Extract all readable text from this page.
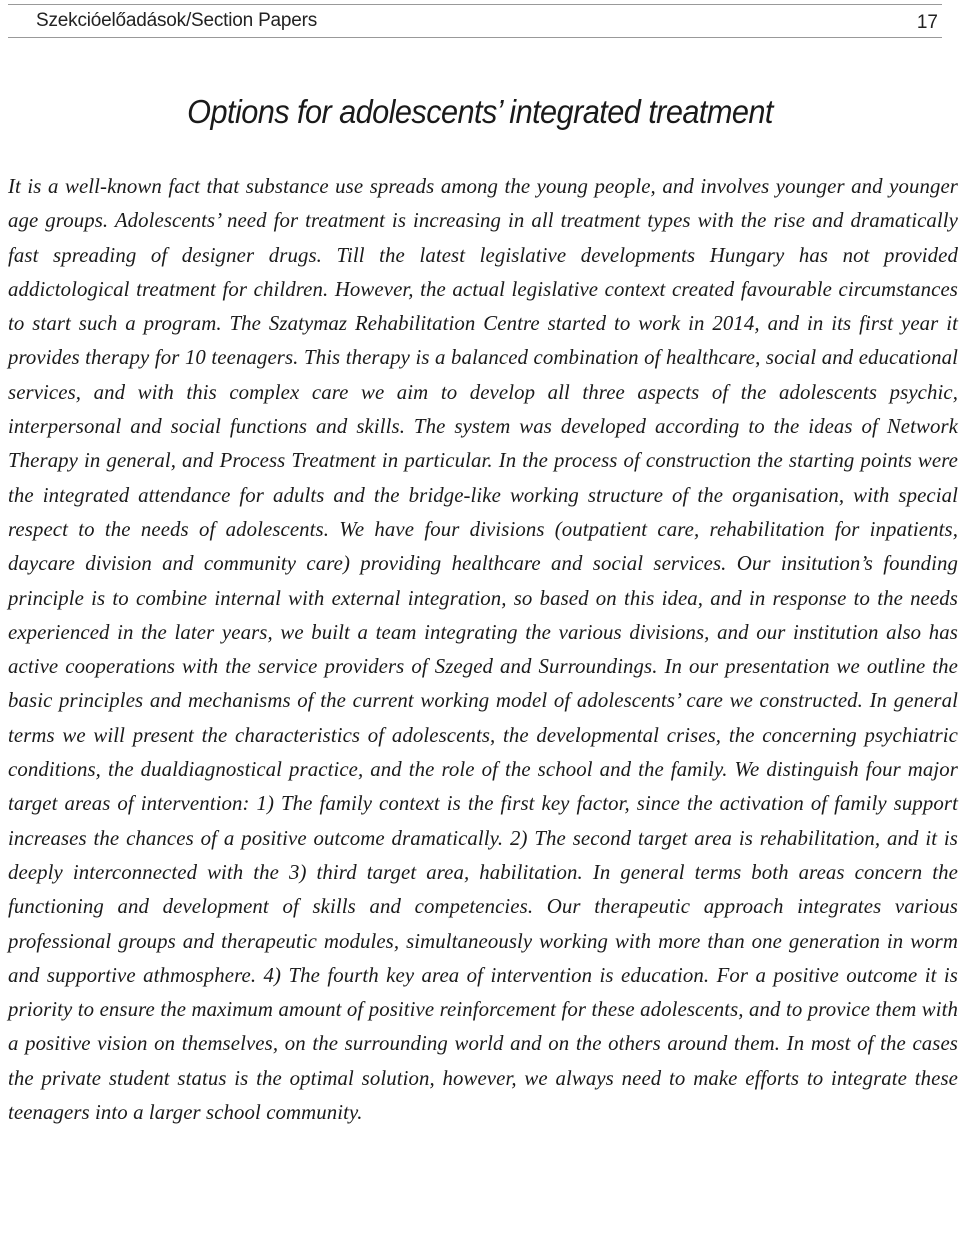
Szekcióelőadások/Section Papers	17
Options for adolescents’ integrated treatment

It is a well-known fact that substance use spreads among the young people, and involves younger and younger age groups. Adolescents’ need for treatment is increasing in all treatment types with the rise and dramatically fast spreading of designer drugs. Till the latest legislative developments Hungary has not provided addictological treatment for children. However, the actual legislative context created favourable circumstances to start such a program. The Szatymaz Rehabilitation Centre started to work in 2014, and in its first year it provides therapy for 10 teenagers. This therapy is a balanced combination of healthcare, social and educational services, and with this complex care we aim to develop all three aspects of the adolescents psychic, interpersonal and social functions and skills. The system was developed according to the ideas of Network Therapy in general, and Process Treatment in particular. In the process of construction the starting points were the integrated attendance for adults and the bridge-like working structure of the organisation, with special respect to the needs of adolescents. We have four divisions (outpatient care, rehabilitation for inpatients, daycare division and community care) providing healthcare and social services. Our insitution’s founding principle is to combine internal with external integration, so based on this idea, and in response to the needs experienced in the later years, we built a team integrating the various divisions, and our institution also has active cooperations with the service providers of Szeged and Surroundings. In our presentation we outline the basic principles and mechanisms of the current working model of adolescents’ care we constructed. In general terms we will present the characteristics of adolescents, the developmental crises, the concerning psychiatric conditions, the dualdiagnostical practice, and the role of the school and the family. We distinguish four major target areas of intervention: 1) The family context is the first key factor, since the activation of family support increases the chances of a positive outcome dramatically. 2) The second target area is rehabilitation, and it is deeply interconnected with the 3) third target area, habilitation. In general terms both areas concern the functioning and development of skills and competencies. Our therapeutic approach integrates various professional groups and therapeutic modules, simultaneously working with more than one generation in worm and supportive athmosphere. 4) The fourth key area of intervention is education. For a positive outcome it is priority to ensure the maximum amount of positive reinforcement for these adolescents, and to provice them with a positive vision on themselves, on the surrounding world and on the others around them. In most of the cases the private student status is the optimal solution, however, we always need to make efforts to integrate these teenagers into a larger school community.
